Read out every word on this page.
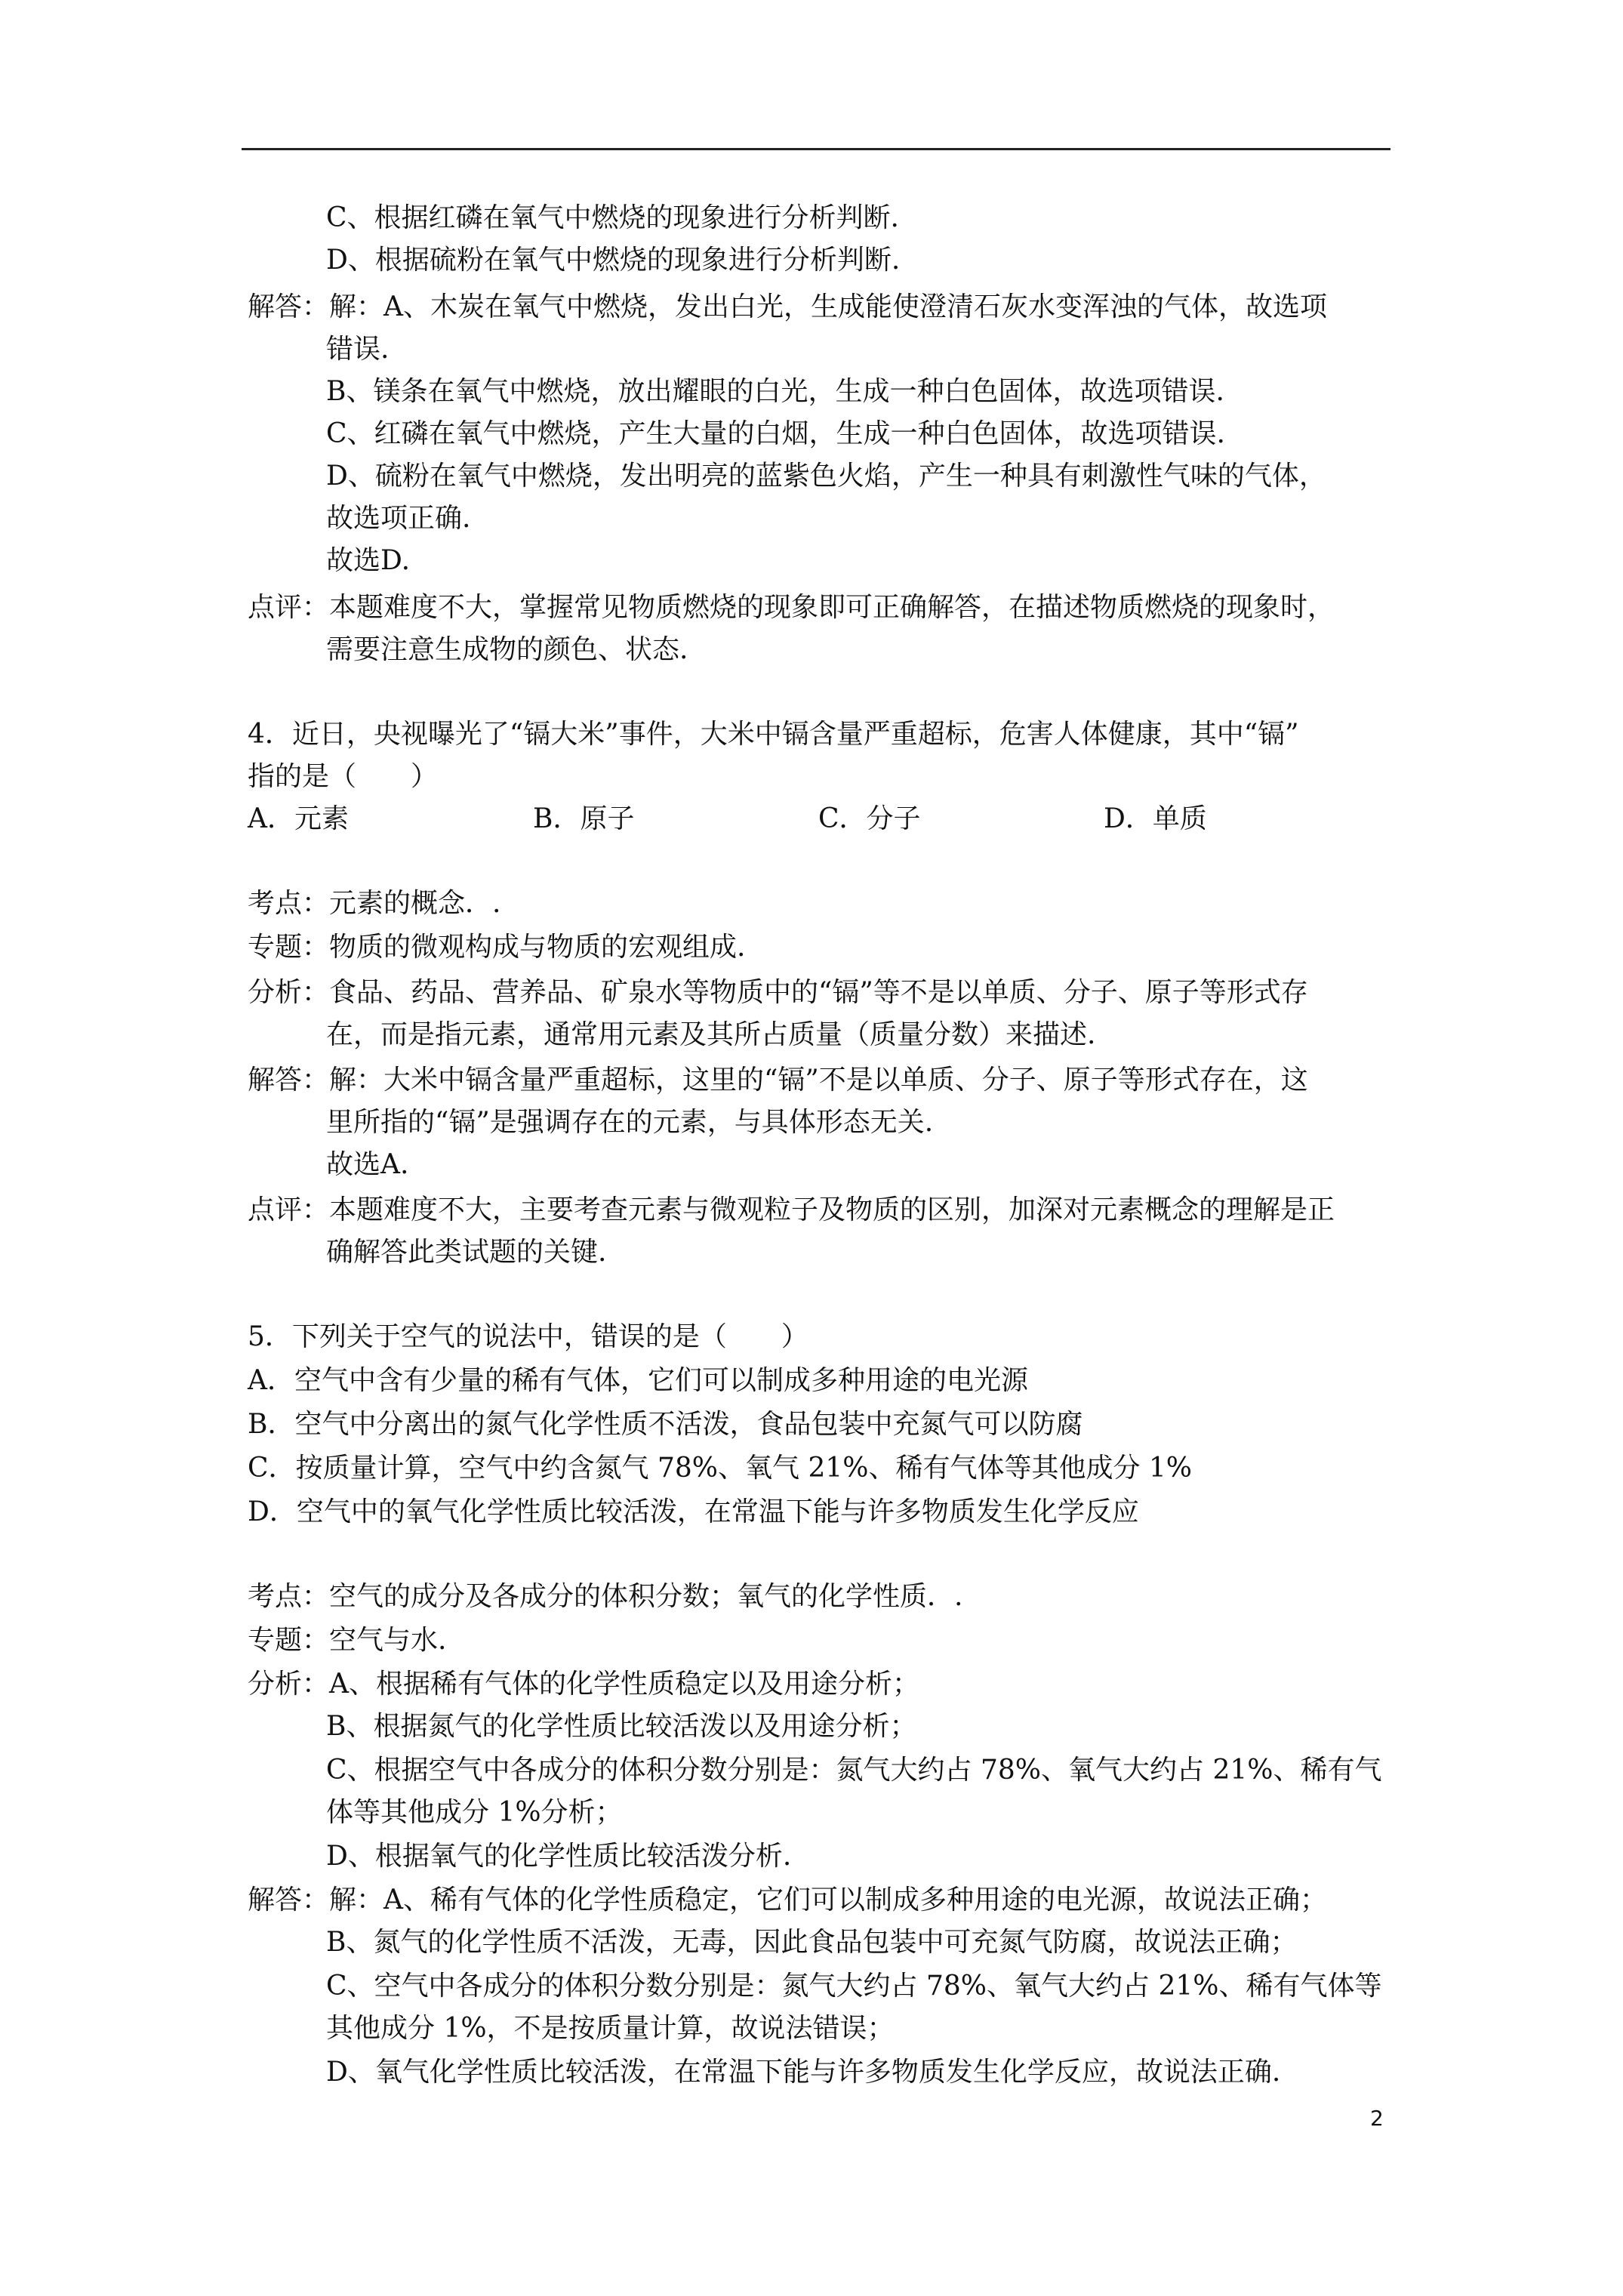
C、根据红磷在氧气中燃烧的现象进行分析判断.
D、根据硫粉在氧气中燃烧的现象进行分析判断.
解答：解：A、木炭在氧气中燃烧，发出白光，生成能使澄清石灰水变浑浊的气体，故选项
错误.
B、镁条在氧气中燃烧，放出耀眼的白光，生成一种白色固体，故选项错误.
C、红磷在氧气中燃烧，产生大量的白烟，生成一种白色固体，故选项错误.
D、硫粉在氧气中燃烧，发出明亮的蓝紫色火焰，产生一种具有刺激性气味的气体，
故选项正确.
故选D.
点评：本题难度不大，掌握常见物质燃烧的现象即可正确解答，在描述物质燃烧的现象时，
需要注意生成物的颜色、状态.
4．近日，央视曝光了“镉大米”事件，大米中镉含量严重超标，危害人体健康，其中“镉”
指的是（　　）
A．元素	B．原子	C．分子	D．单质
考点：元素的概念．.
专题：物质的微观构成与物质的宏观组成.
分析：食品、药品、营养品、矿泉水等物质中的“镉”等不是以单质、分子、原子等形式存
在，而是指元素，通常用元素及其所占质量（质量分数）来描述.
解答：解：大米中镉含量严重超标，这里的“镉”不是以单质、分子、原子等形式存在，这
里所指的“镉”是强调存在的元素，与具体形态无关.
故选A.
点评：本题难度不大，主要考查元素与微观粒子及物质的区别，加深对元素概念的理解是正
确解答此类试题的关键.
5．下列关于空气的说法中，错误的是（　　）
A．空气中含有少量的稀有气体，它们可以制成多种用途的电光源
B．空气中分离出的氮气化学性质不活泼，食品包装中充氮气可以防腐
C．按质量计算，空气中约含氮气 78%、氧气 21%、稀有气体等其他成分 1%
D．空气中的氧气化学性质比较活泼，在常温下能与许多物质发生化学反应
考点：空气的成分及各成分的体积分数；氧气的化学性质．.
专题：空气与水.
分析：A、根据稀有气体的化学性质稳定以及用途分析；
B、根据氮气的化学性质比较活泼以及用途分析；
C、根据空气中各成分的体积分数分别是：氮气大约占 78%、氧气大约占 21%、稀有气
体等其他成分 1%分析；
D、根据氧气的化学性质比较活泼分析.
解答：解：A、稀有气体的化学性质稳定，它们可以制成多种用途的电光源，故说法正确；
B、氮气的化学性质不活泼，无毒，因此食品包装中可充氮气防腐，故说法正确；
C、空气中各成分的体积分数分别是：氮气大约占 78%、氧气大约占 21%、稀有气体等
其他成分 1%，不是按质量计算，故说法错误；
D、氧气化学性质比较活泼，在常温下能与许多物质发生化学反应，故说法正确.
2
